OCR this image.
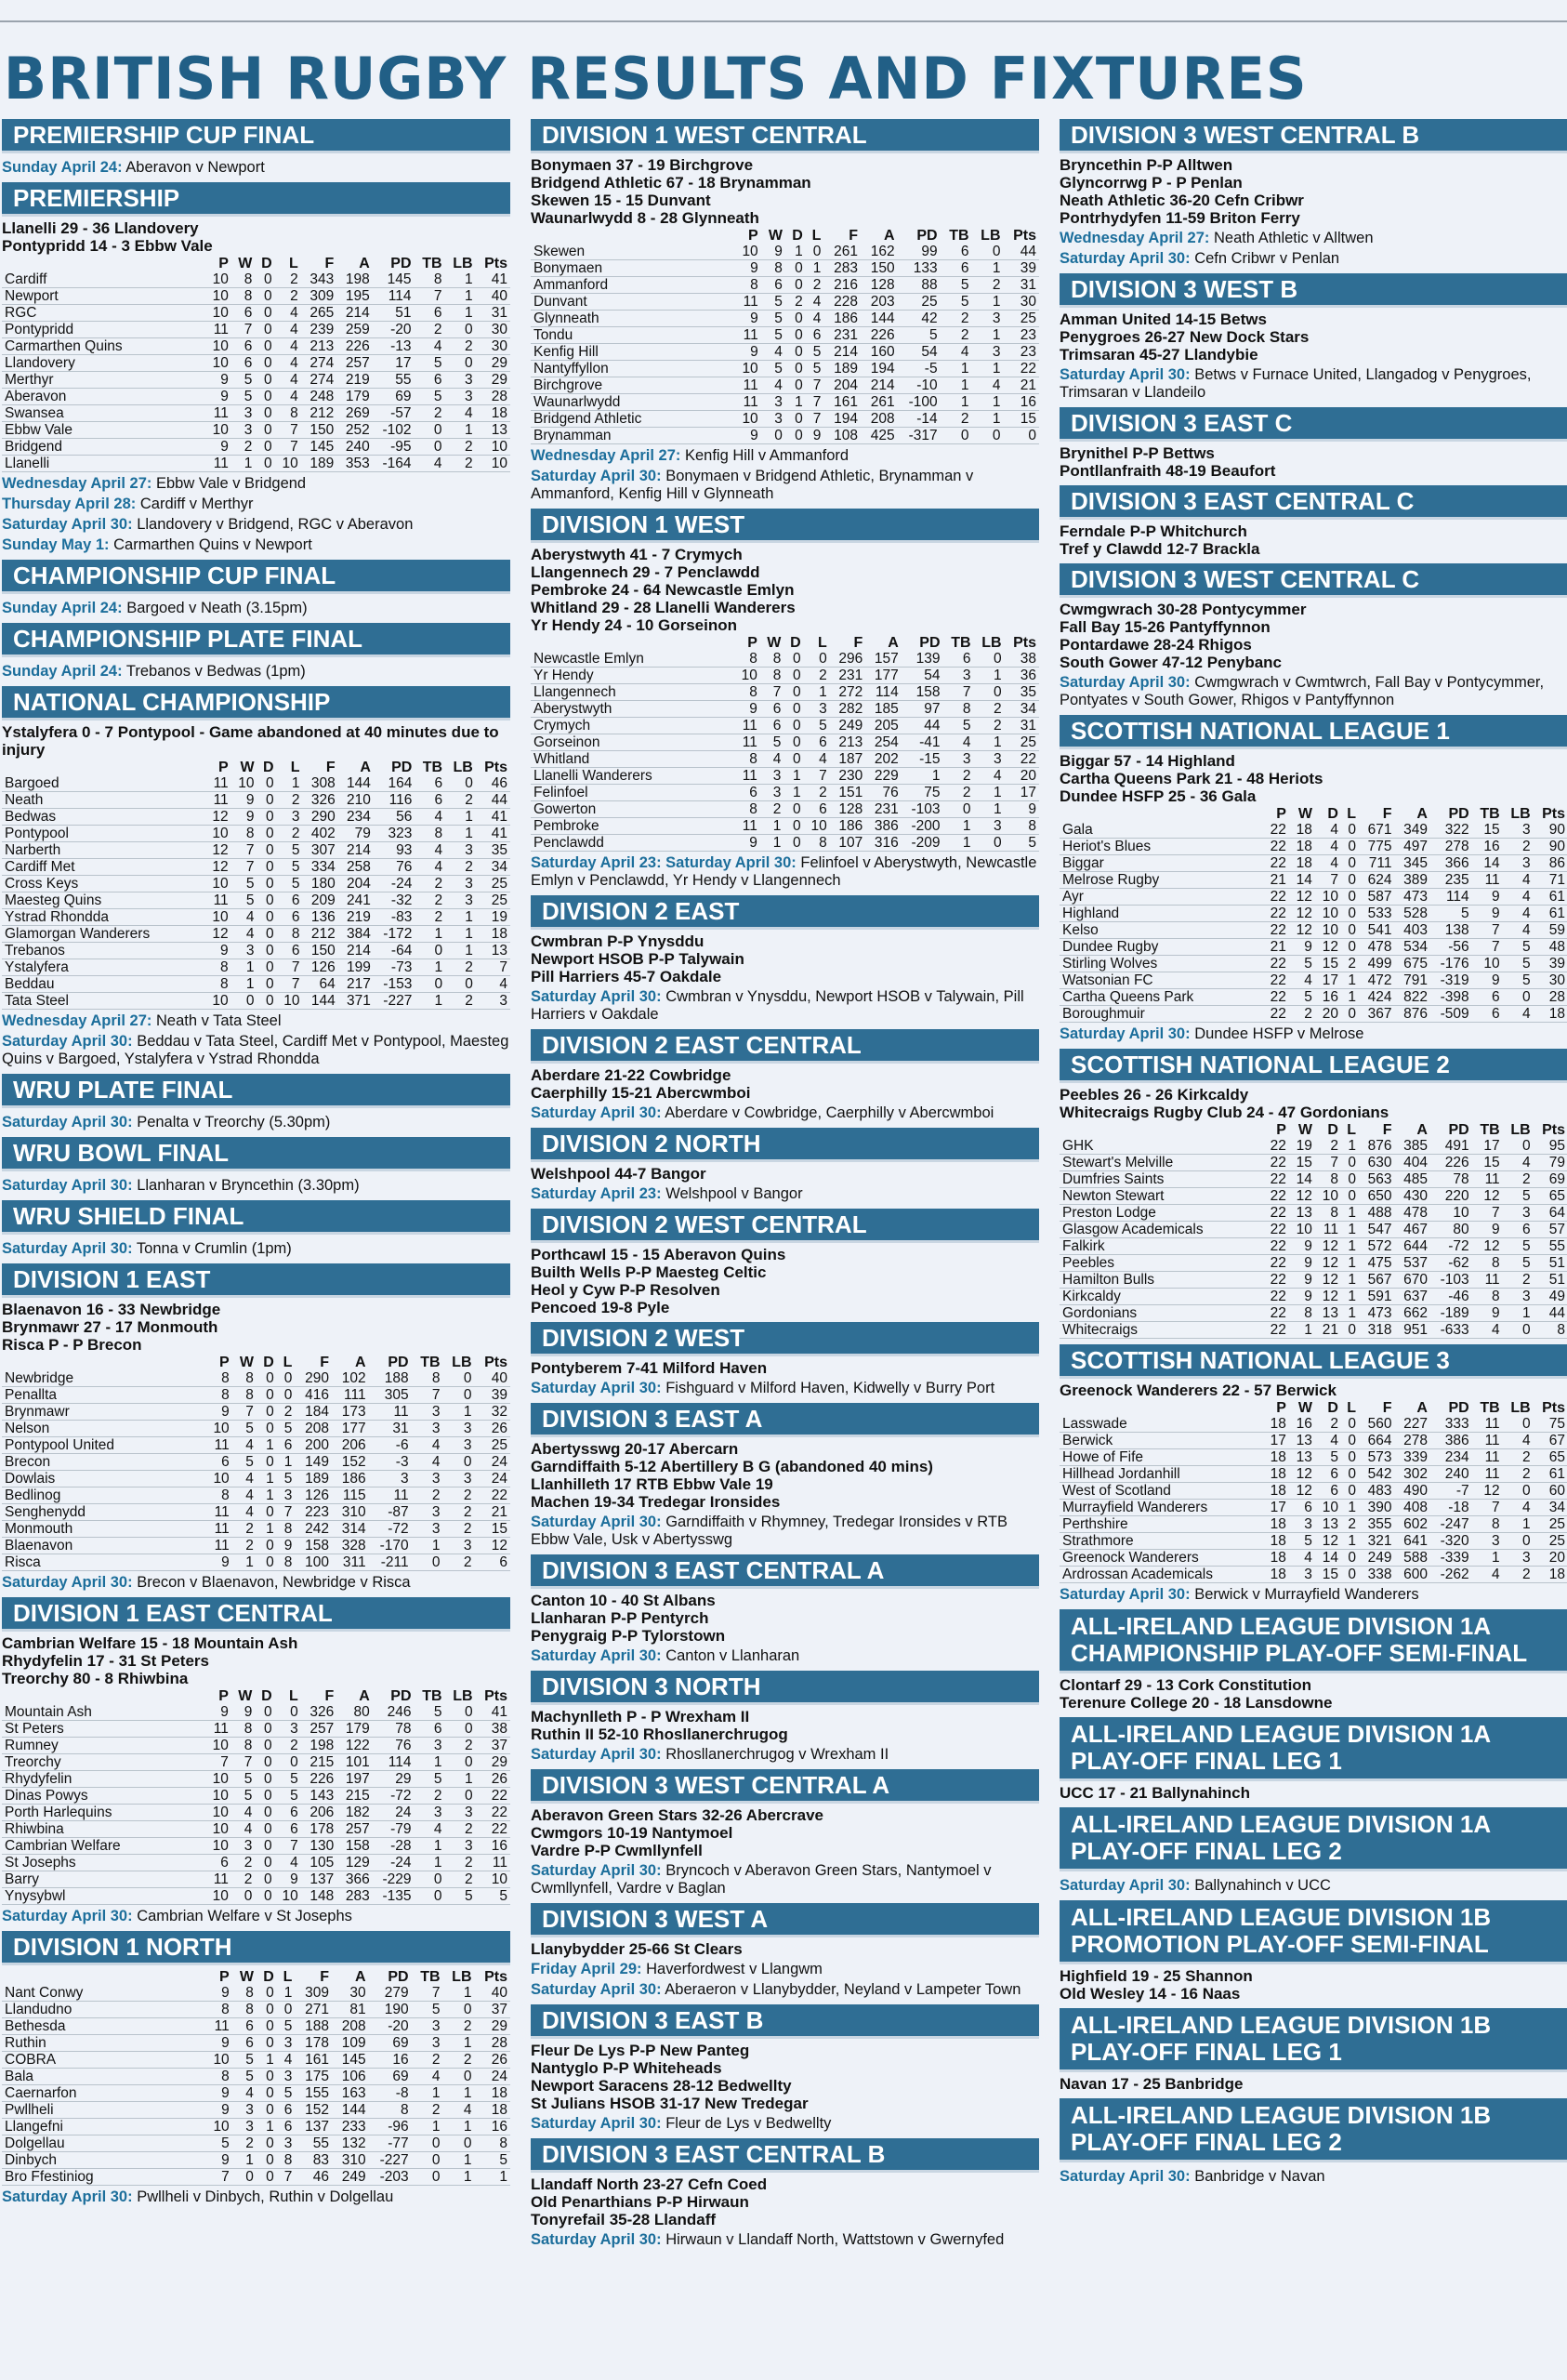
BRITISH RUGBY RESULTS AND FIXTURES
PREMIERSHIP CUP FINAL
Sunday April 24: Aberavon v Newport
PREMIERSHIP
Llanelli 29 - 36 Llandovery
Pontypridd 14 - 3 Ebbw Vale
	P	W	D	L	F	A	PD	TB	LB	Pts
Cardiff	10	8	0	2	343	198	145	8	1	41
Newport	10	8	0	2	309	195	114	7	1	40
RGC	10	6	0	4	265	214	51	6	1	31
Pontypridd	11	7	0	4	239	259	-20	2	0	30
Carmarthen Quins	10	6	0	4	213	226	-13	4	2	30
Llandovery	10	6	0	4	274	257	17	5	0	29
Merthyr	9	5	0	4	274	219	55	6	3	29
Aberavon	9	5	0	4	248	179	69	5	3	28
Swansea	11	3	0	8	212	269	-57	2	4	18
Ebbw Vale	10	3	0	7	150	252	-102	0	1	13
Bridgend	9	2	0	7	145	240	-95	0	2	10
Llanelli	11	1	0	10	189	353	-164	4	2	10
Wednesday April 27: Ebbw Vale v Bridgend
Thursday April 28: Cardiff v Merthyr
Saturday April 30: Llandovery v Bridgend, RGC v Aberavon
Sunday May 1: Carmarthen Quins v Newport
CHAMPIONSHIP CUP FINAL
Sunday April 24: Bargoed v Neath (3.15pm)
CHAMPIONSHIP PLATE FINAL
Sunday April 24: Trebanos v Bedwas (1pm)
NATIONAL CHAMPIONSHIP
Ystalyfera 0 - 7 Pontypool - Game abandoned at 40 minutes due to injury
	P	W	D	L	F	A	PD	TB	LB	Pts
Bargoed	11	10	0	1	308	144	164	6	0	46
Neath	11	9	0	2	326	210	116	6	2	44
Bedwas	12	9	0	3	290	234	56	4	1	41
Pontypool	10	8	0	2	402	79	323	8	1	41
Narberth	12	7	0	5	307	214	93	4	3	35
Cardiff Met	12	7	0	5	334	258	76	4	2	34
Cross Keys	10	5	0	5	180	204	-24	2	3	25
Maesteg Quins	11	5	0	6	209	241	-32	2	3	25
Ystrad Rhondda	10	4	0	6	136	219	-83	2	1	19
Glamorgan Wanderers	12	4	0	8	212	384	-172	1	1	18
Trebanos	9	3	0	6	150	214	-64	0	1	13
Ystalyfera	8	1	0	7	126	199	-73	1	2	7
Beddau	8	1	0	7	64	217	-153	0	0	4
Tata Steel	10	0	0	10	144	371	-227	1	2	3
Wednesday April 27: Neath v Tata Steel
Saturday April 30: Beddau v Tata Steel, Cardiff Met v Pontypool, Maesteg Quins v Bargoed, Ystalyfera v Ystrad Rhondda
WRU PLATE FINAL
Saturday April 30: Penalta v Treorchy (5.30pm)
WRU BOWL FINAL
Saturday April 30: Llanharan v Bryncethin (3.30pm)
WRU SHIELD FINAL
Saturday April 30: Tonna v Crumlin (1pm)
DIVISION 1 EAST
Blaenavon 16 - 33 Newbridge
Brynmawr 27 - 17 Monmouth
Risca P - P Brecon
	P	W	D	L	F	A	PD	TB	LB	Pts
Newbridge	8	8	0	0	290	102	188	8	0	40
Penallta	8	8	0	0	416	111	305	7	0	39
Brynmawr	9	7	0	2	184	173	11	3	1	32
Nelson	10	5	0	5	208	177	31	3	3	26
Pontypool United	11	4	1	6	200	206	-6	4	3	25
Brecon	6	5	0	1	149	152	-3	4	0	24
Dowlais	10	4	1	5	189	186	3	3	3	24
Bedlinog	8	4	1	3	126	115	11	2	2	22
Senghenydd	11	4	0	7	223	310	-87	3	2	21
Monmouth	11	2	1	8	242	314	-72	3	2	15
Blaenavon	11	2	0	9	158	328	-170	1	3	12
Risca	9	1	0	8	100	311	-211	0	2	6
Saturday April 30: Brecon v Blaenavon, Newbridge v Risca
DIVISION 1 EAST CENTRAL
Cambrian Welfare 15 - 18 Mountain Ash
Rhydyfelin 17 - 31 St Peters
Treorchy 80 - 8 Rhiwbina
	P	W	D	L	F	A	PD	TB	LB	Pts
Mountain Ash	9	9	0	0	326	80	246	5	0	41
St Peters	11	8	0	3	257	179	78	6	0	38
Rumney	10	8	0	2	198	122	76	3	2	37
Treorchy	7	7	0	0	215	101	114	1	0	29
Rhydyfelin	10	5	0	5	226	197	29	5	1	26
Dinas Powys	10	5	0	5	143	215	-72	2	0	22
Porth Harlequins	10	4	0	6	206	182	24	3	3	22
Rhiwbina	10	4	0	6	178	257	-79	4	2	22
Cambrian Welfare	10	3	0	7	130	158	-28	1	3	16
St Josephs	6	2	0	4	105	129	-24	1	2	11
Barry	11	2	0	9	137	366	-229	0	2	10
Ynysybwl	10	0	0	10	148	283	-135	0	5	5
Saturday April 30: Cambrian Welfare v St Josephs
DIVISION 1 NORTH
	P	W	D	L	F	A	PD	TB	LB	Pts
Nant Conwy	9	8	0	1	309	30	279	7	1	40
Llandudno	8	8	0	0	271	81	190	5	0	37
Bethesda	11	6	0	5	188	208	-20	3	2	29
Ruthin	9	6	0	3	178	109	69	3	1	28
COBRA	10	5	1	4	161	145	16	2	2	26
Bala	8	5	0	3	175	106	69	4	0	24
Caernarfon	9	4	0	5	155	163	-8	1	1	18
Pwllheli	9	3	0	6	152	144	8	2	4	18
Llangefni	10	3	1	6	137	233	-96	1	1	16
Dolgellau	5	2	0	3	55	132	-77	0	0	8
Dinbych	9	1	0	8	83	310	-227	0	1	5
Bro Ffestiniog	7	0	0	7	46	249	-203	0	1	1
Saturday April 30: Pwllheli v Dinbych, Ruthin v Dolgellau
DIVISION 1 WEST CENTRAL
Bonymaen 37 - 19 Birchgrove
Bridgend Athletic 67 - 18 Brynamman
Skewen 15 - 15 Dunvant
Waunarlwydd 8 - 28 Glynneath
	P	W	D	L	F	A	PD	TB	LB	Pts
Skewen	10	9	1	0	261	162	99	6	0	44
Bonymaen	9	8	0	1	283	150	133	6	1	39
Ammanford	8	6	0	2	216	128	88	5	2	31
Dunvant	11	5	2	4	228	203	25	5	1	30
Glynneath	9	5	0	4	186	144	42	2	3	25
Tondu	11	5	0	6	231	226	5	2	1	23
Kenfig Hill	9	4	0	5	214	160	54	4	3	23
Nantyffyllon	10	5	0	5	189	194	-5	1	1	22
Birchgrove	11	4	0	7	204	214	-10	1	4	21
Waunarlwydd	11	3	1	7	161	261	-100	1	1	16
Bridgend Athletic	10	3	0	7	194	208	-14	2	1	15
Brynamman	9	0	0	9	108	425	-317	0	0	0
Wednesday April 27: Kenfig Hill v Ammanford
Saturday April 30: Bonymaen v Bridgend Athletic, Brynamman v Ammanford, Kenfig Hill v Glynneath
DIVISION 1 WEST
Aberystwyth 41 - 7 Crymych
Llangennech 29 - 7 Penclawdd
Pembroke 24 - 64 Newcastle Emlyn
Whitland 29 - 28 Llanelli Wanderers
Yr Hendy 24 - 10 Gorseinon
	P	W	D	L	F	A	PD	TB	LB	Pts
Newcastle Emlyn	8	8	0	0	296	157	139	6	0	38
Yr Hendy	10	8	0	2	231	177	54	3	1	36
Llangennech	8	7	0	1	272	114	158	7	0	35
Aberystwyth	9	6	0	3	282	185	97	8	2	34
Crymych	11	6	0	5	249	205	44	5	2	31
Gorseinon	11	5	0	6	213	254	-41	4	1	25
Whitland	8	4	0	4	187	202	-15	3	3	22
Llanelli Wanderers	11	3	1	7	230	229	1	2	4	20
Felinfoel	6	3	1	2	151	76	75	2	1	17
Gowerton	8	2	0	6	128	231	-103	0	1	9
Pembroke	11	1	0	10	186	386	-200	1	3	8
Penclawdd	9	1	0	8	107	316	-209	1	0	5
Saturday April 23: Saturday April 30: Felinfoel v Aberystwyth, Newcastle Emlyn v Penclawdd, Yr Hendy v Llangennech
DIVISION 2 EAST
Cwmbran P-P Ynysddu
Newport HSOB P-P Talywain
Pill Harriers 45-7 Oakdale
Saturday April 30: Cwmbran v Ynysddu, Newport HSOB v Talywain, Pill Harriers v Oakdale
DIVISION 2 EAST CENTRAL
Aberdare 21-22 Cowbridge
Caerphilly 15-21 Abercwmboi
Saturday April 30: Aberdare v Cowbridge, Caerphilly v Abercwmboi
DIVISION 2 NORTH
Welshpool 44-7 Bangor
Saturday April 23: Welshpool v Bangor
DIVISION 2 WEST CENTRAL
Porthcawl 15 - 15 Aberavon Quins
Builth Wells P-P Maesteg Celtic
Heol y Cyw P-P Resolven
Pencoed 19-8 Pyle
DIVISION 2 WEST
Pontyberem 7-41 Milford Haven
Saturday April 30: Fishguard v Milford Haven, Kidwelly v Burry Port
DIVISION 3 EAST A
Abertysswg 20-17 Abercarn
Garndiffaith 5-12 Abertillery B G (abandoned 40 mins)
Llanhilleth 17 RTB Ebbw Vale 19
Machen 19-34 Tredegar Ironsides
Saturday April 30: Garndiffaith v Rhymney, Tredegar Ironsides v RTB Ebbw Vale, Usk v Abertysswg
DIVISION 3 EAST CENTRAL A
Canton 10 - 40 St Albans
Llanharan P-P Pentyrch
Penygraig P-P Tylorstown
Saturday April 30: Canton v Llanharan
DIVISION 3 NORTH
Machynlleth P - P Wrexham II
Ruthin II 52-10 Rhosllanerchrugog
Saturday April 30: Rhosllanerchrugog v Wrexham II
DIVISION 3 WEST CENTRAL A
Aberavon Green Stars 32-26 Abercrave
Cwmgors 10-19 Nantymoel
Vardre P-P Cwmllynfell
Saturday April 30: Bryncoch v Aberavon Green Stars, Nantymoel v Cwmllynfell, Vardre v Baglan
DIVISION 3 WEST A
Llanybydder 25-66 St Clears
Friday April 29: Haverfordwest v Llangwm
Saturday April 30: Aberaeron v Llanybydder, Neyland v Lampeter Town
DIVISION 3 EAST B
Fleur De Lys P-P New Panteg
Nantyglo P-P Whiteheads
Newport Saracens 28-12 Bedwellty
St Julians HSOB 31-17 New Tredegar
Saturday April 30: Fleur de Lys v Bedwellty
DIVISION 3 EAST CENTRAL B
Llandaff North 23-27 Cefn Coed
Old Penarthians P-P Hirwaun
Tonyrefail 35-28 Llandaff
Saturday April 30: Hirwaun v Llandaff North, Wattstown v Gwernyfed
DIVISION 3 WEST CENTRAL B
Bryncethin P-P Alltwen
Glyncorrwg P - P Penlan
Neath Athletic 36-20 Cefn Cribwr
Pontrhydyfen 11-59 Briton Ferry
Wednesday April 27: Neath Athletic v Alltwen
Saturday April 30: Cefn Cribwr v Penlan
DIVISION 3 WEST B
Amman United 14-15 Betws
Penygroes 26-27 New Dock Stars
Trimsaran 45-27 Llandybie
Saturday April 30: Betws v Furnace United, Llangadog v Penygroes, Trimsaran v Llandeilo
DIVISION 3 EAST C
Brynithel P-P Bettws
Pontllanfraith 48-19 Beaufort
DIVISION 3 EAST CENTRAL C
Ferndale P-P Whitchurch
Tref y Clawdd 12-7 Brackla
DIVISION 3 WEST CENTRAL C
Cwmgwrach 30-28 Pontycymmer
Fall Bay 15-26 Pantyffynnon
Pontardawe 28-24 Rhigos
South Gower 47-12 Penybanc
Saturday April 30: Cwmgwrach v Cwmtwrch, Fall Bay v Pontycymmer, Pontyates v South Gower, Rhigos v Pantyffynnon
SCOTTISH NATIONAL LEAGUE 1
Biggar 57 - 14 Highland
Cartha Queens Park 21 - 48 Heriots
Dundee HSFP 25 - 36 Gala
	P	W	D	L	F	A	PD	TB	LB	Pts
Gala	22	18	4	0	671	349	322	15	3	90
Heriot's Blues	22	18	4	0	775	497	278	16	2	90
Biggar	22	18	4	0	711	345	366	14	3	86
Melrose Rugby	21	14	7	0	624	389	235	11	4	71
Ayr	22	12	10	0	587	473	114	9	4	61
Highland	22	12	10	0	533	528	5	9	4	61
Kelso	22	12	10	0	541	403	138	7	4	59
Dundee Rugby	21	9	12	0	478	534	-56	7	5	48
Stirling Wolves	22	5	15	2	499	675	-176	10	5	39
Watsonian FC	22	4	17	1	472	791	-319	9	5	30
Cartha Queens Park	22	5	16	1	424	822	-398	6	0	28
Boroughmuir	22	2	20	0	367	876	-509	6	4	18
Saturday April 30: Dundee HSFP v Melrose
SCOTTISH NATIONAL LEAGUE 2
Peebles 26 - 26 Kirkcaldy
Whitecraigs Rugby Club 24 - 47 Gordonians
	P	W	D	L	F	A	PD	TB	LB	Pts
GHK	22	19	2	1	876	385	491	17	0	95
Stewart's Melville	22	15	7	0	630	404	226	15	4	79
Dumfries Saints	22	14	8	0	563	485	78	11	2	69
Newton Stewart	22	12	10	0	650	430	220	12	5	65
Preston Lodge	22	13	8	1	488	478	10	7	3	64
Glasgow Academicals	22	10	11	1	547	467	80	9	6	57
Falkirk	22	9	12	1	572	644	-72	12	5	55
Peebles	22	9	12	1	475	537	-62	8	5	51
Hamilton Bulls	22	9	12	1	567	670	-103	11	2	51
Kirkcaldy	22	9	12	1	591	637	-46	8	3	49
Gordonians	22	8	13	1	473	662	-189	9	1	44
Whitecraigs	22	1	21	0	318	951	-633	4	0	8
SCOTTISH NATIONAL LEAGUE 3
Greenock Wanderers 22 - 57 Berwick
	P	W	D	L	F	A	PD	TB	LB	Pts
Lasswade	18	16	2	0	560	227	333	11	0	75
Berwick	17	13	4	0	664	278	386	11	4	67
Howe of Fife	18	13	5	0	573	339	234	11	2	65
Hillhead Jordanhill	18	12	6	0	542	302	240	11	2	61
West of Scotland	18	12	6	0	483	490	-7	12	0	60
Murrayfield Wanderers	17	6	10	1	390	408	-18	7	4	34
Perthshire	18	3	13	2	355	602	-247	8	1	25
Strathmore	18	5	12	1	321	641	-320	3	0	25
Greenock Wanderers	18	4	14	0	249	588	-339	1	3	20
Ardrossan Academicals	18	3	15	0	338	600	-262	4	2	18
Saturday April 30: Berwick v Murrayfield Wanderers
ALL-IRELAND LEAGUE DIVISION 1A CHAMPIONSHIP PLAY-OFF SEMI-FINAL
Clontarf 29 - 13 Cork Constitution
Terenure College 20 - 18 Lansdowne
ALL-IRELAND LEAGUE DIVISION 1A PLAY-OFF FINAL LEG 1
UCC 17 - 21 Ballynahinch
ALL-IRELAND LEAGUE DIVISION 1A PLAY-OFF FINAL LEG 2
Saturday April 30: Ballynahinch v UCC
ALL-IRELAND LEAGUE DIVISION 1B PROMOTION PLAY-OFF SEMI-FINAL
Highfield 19 - 25 Shannon
Old Wesley 14 - 16 Naas
ALL-IRELAND LEAGUE DIVISION 1B PLAY-OFF FINAL LEG 1
Navan 17 - 25 Banbridge
ALL-IRELAND LEAGUE DIVISION 1B PLAY-OFF FINAL LEG 2
Saturday April 30: Banbridge v Navan
